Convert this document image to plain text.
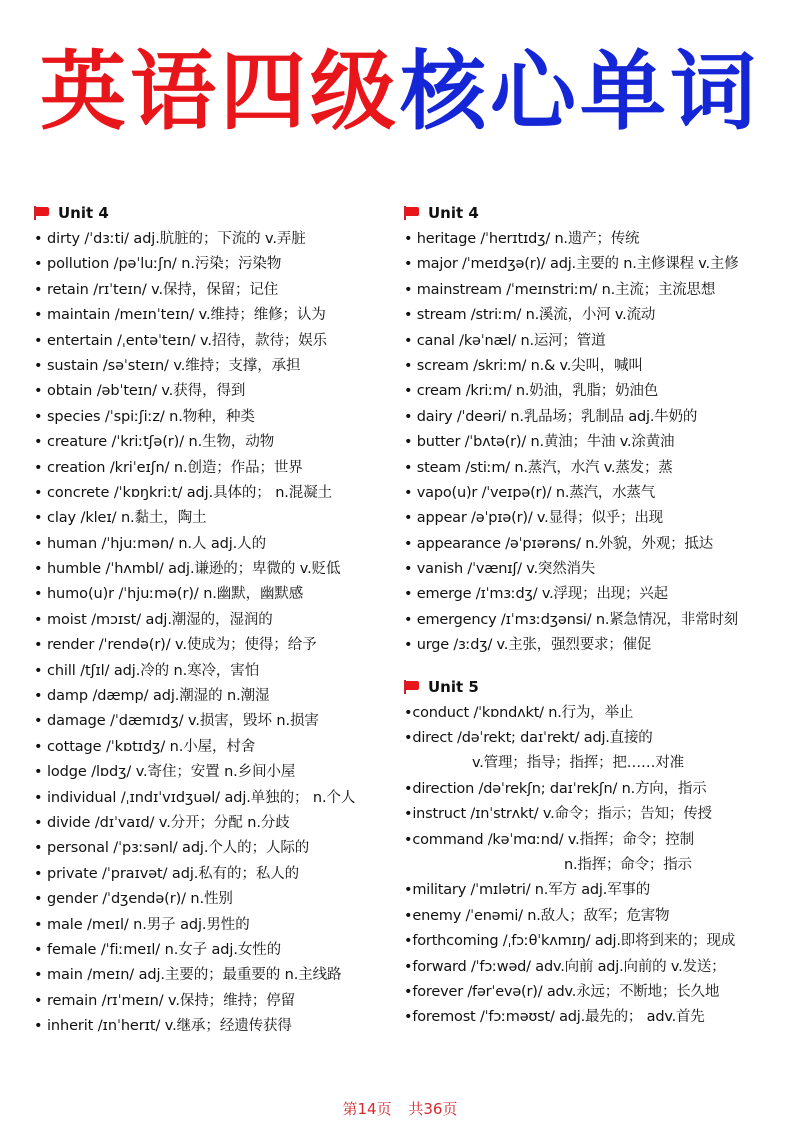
英语四级核心单词
Unit 4
• dirty /ˈdɜːti/ adj.肮脏的；下流的 v.弄脏
• pollution /pəˈluːʃn/ n.污染；污染物
• retain /rɪˈteɪn/ v.保持，保留；记住
• maintain /meɪnˈteɪn/ v.维持；维修；认为
• entertain /ˌentəˈteɪn/ v.招待，款待；娱乐
• sustain /səˈsteɪn/ v.维持；支撑，承担
• obtain /əbˈteɪn/ v.获得，得到
• species /ˈspiːʃiːz/ n.物种，种类
• creature /ˈkriːtʃə(r)/ n.生物，动物
• creation /kriˈeɪʃn/ n.创造；作品；世界
• concrete /ˈkɒŋkriːt/ adj.具体的； n.混凝土
• clay /kleɪ/ n.黏土，陶土
• human /ˈhjuːmən/ n.人 adj.人的
• humble /ˈhʌmbl/ adj.谦逊的；卑微的 v.贬低
• humo(u)r /ˈhjuːmə(r)/ n.幽默，幽默感
• moist /mɔɪst/ adj.潮湿的，湿润的
• render /ˈrendə(r)/ v.使成为；使得；给予
• chill /tʃɪl/ adj.冷的 n.寒冷，害怕
• damp /dæmp/ adj.潮湿的 n.潮湿
• damage /ˈdæmɪdʒ/ v.损害，毁坏 n.损害
• cottage /ˈkɒtɪdʒ/ n.小屋，村舍
• lodge /lɒdʒ/ v.寄住；安置 n.乡间小屋
• individual /ˌɪndɪˈvɪdʒuəl/ adj.单独的； n.个人
• divide /dɪˈvaɪd/ v.分开；分配 n.分歧
• personal /ˈpɜːsənl/ adj.个人的；人际的
• private /ˈpraɪvət/ adj.私有的；私人的
• gender /ˈdʒendə(r)/ n.性别
• male /meɪl/ n.男子 adj.男性的
• female /ˈfiːmeɪl/ n.女子 adj.女性的
• main /meɪn/ adj.主要的；最重要的 n.主线路
• remain /rɪˈmeɪn/ v.保持；维持；停留
• inherit /ɪnˈherɪt/ v.继承；经遗传获得
Unit 4
• heritage /ˈherɪtɪdʒ/ n.遗产；传统
• major /ˈmeɪdʒə(r)/ adj.主要的 n.主修课程 v.主修
• mainstream /ˈmeɪnstriːm/ n.主流；主流思想
• stream /striːm/ n.溪流，小河 v.流动
• canal /kəˈnæl/ n.运河；管道
• scream /skriːm/ n.& v.尖叫，喊叫
• cream /kriːm/ n.奶油，乳脂；奶油色
• dairy /ˈdeəri/ n.乳品场；乳制品 adj.牛奶的
• butter /ˈbʌtə(r)/ n.黄油；牛油 v.涂黄油
• steam /stiːm/ n.蒸汽，水汽 v.蒸发；蒸
• vapo(u)r /ˈveɪpə(r)/ n.蒸汽，水蒸气
• appear /əˈpɪə(r)/ v.显得；似乎；出现
• appearance /əˈpɪərəns/ n.外貌，外观；抵达
• vanish /ˈvænɪʃ/ v.突然消失
• emerge /ɪˈmɜːdʒ/ v.浮现；出现；兴起
• emergency /ɪˈmɜːdʒənsi/ n.紧急情况，非常时刻
• urge /ɜːdʒ/ v.主张，强烈要求；催促
Unit 5
•conduct /ˈkɒndʌkt/ n.行为，举止
•direct /dəˈrekt; daɪˈrekt/ adj.直接的
v.管理；指导；指挥；把……对准
•direction /dəˈrekʃn; daɪˈrekʃn/ n.方向，指示
•instruct /ɪnˈstrʌkt/ v.命令；指示；告知；传授
•command /kəˈmɑːnd/ v.指挥；命令；控制
n.指挥；命令；指示
•military /ˈmɪlətri/ n.军方 adj.军事的
•enemy /ˈenəmi/ n.敌人；敌军；危害物
•forthcoming /ˌfɔːθˈkʌmɪŋ/ adj.即将到来的；现成
•forward /ˈfɔːwəd/ adv.向前 adj.向前的 v.发送；
•forever /fərˈevə(r)/ adv.永远；不断地；长久地
•foremost /ˈfɔːməʊst/ adj.最先的； adv.首先
第14页 共36页
